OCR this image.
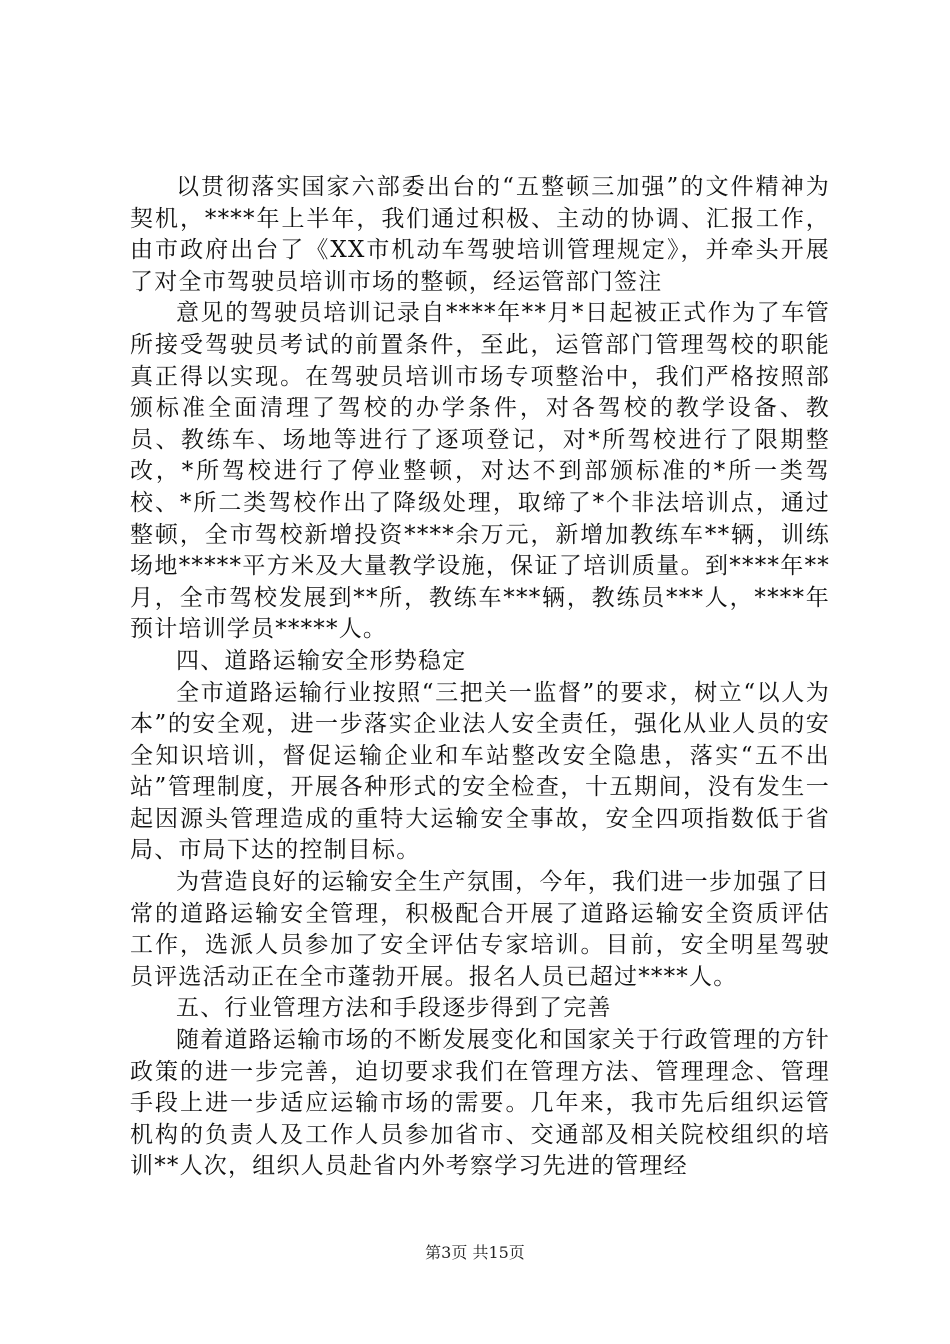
以贯彻落实国家六部委出台的“五整顿三加强”的文件精神为契机，****年上半年，我们通过积极、主动的协调、汇报工作，由市政府出台了《XX市机动车驾驶培训管理规定》，并牵头开展了对全市驾驶员培训市场的整顿，经运管部门签注

意见的驾驶员培训记录自****年**月*日起被正式作为了车管所接受驾驶员考试的前置条件，至此，运管部门管理驾校的职能真正得以实现。在驾驶员培训市场专项整治中，我们严格按照部颁标准全面清理了驾校的办学条件，对各驾校的教学设备、教员、教练车、场地等进行了逐项登记，对*所驾校进行了限期整改，*所驾校进行了停业整顿，对达不到部颁标准的*所一类驾校、*所二类驾校作出了降级处理，取缔了*个非法培训点，通过整顿，全市驾校新增投资****余万元，新增加教练车**辆，训练场地*****平方米及大量教学设施，保证了培训质量。到****年**月，全市驾校发展到**所，教练车***辆，教练员***人，****年预计培训学员*****人。

四、道路运输安全形势稳定

全市道路运输行业按照“三把关一监督”的要求，树立“以人为本”的安全观，进一步落实企业法人安全责任，强化从业人员的安全知识培训，督促运输企业和车站整改安全隐患，落实“五不出站”管理制度，开展各种形式的安全检查，十五期间，没有发生一起因源头管理造成的重特大运输安全事故，安全四项指数低于省局、市局下达的控制目标。

为营造良好的运输安全生产氛围，今年，我们进一步加强了日常的道路运输安全管理，积极配合开展了道路运输安全资质评估工作，选派人员参加了安全评估专家培训。目前，安全明星驾驶员评选活动正在全市蓬勃开展。报名人员已超过****人。

五、行业管理方法和手段逐步得到了完善

随着道路运输市场的不断发展变化和国家关于行政管理的方针政策的进一步完善，迫切要求我们在管理方法、管理理念、管理手段上进一步适应运输市场的需要。几年来，我市先后组织运管机构的负责人及工作人员参加省市、交通部及相关院校组织的培训**人次，组织人员赴省内外考察学习先进的管理经

第3页 共15页
